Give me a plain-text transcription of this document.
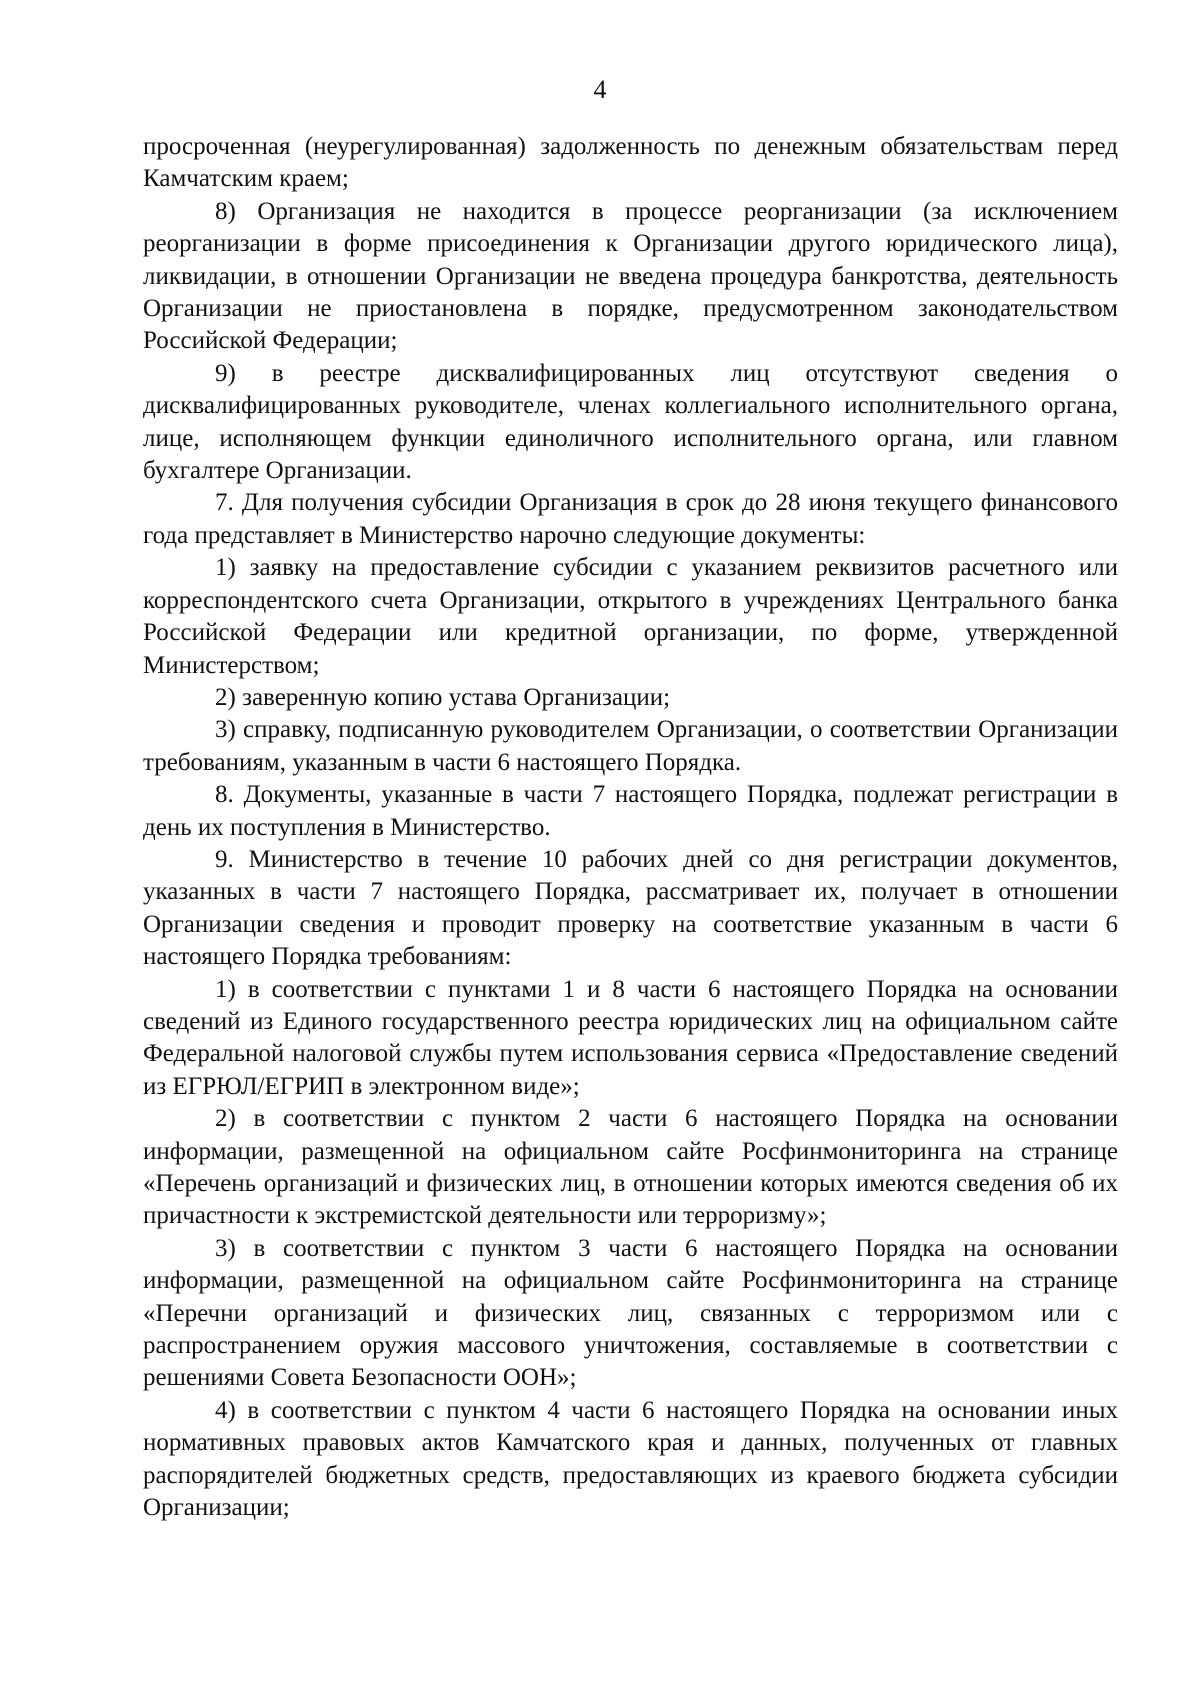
4

просроченная (неурегулированная) задолженность по денежным обязательствам перед Камчатским краем;

8) Организация не находится в процессе реорганизации (за исключением реорганизации в форме присоединения к Организации другого юридического лица), ликвидации, в отношении Организации не введена процедура банкротства, деятельность Организации не приостановлена в порядке, предусмотренном законодательством Российской Федерации;

9) в реестре дисквалифицированных лиц отсутствуют сведения о дисквалифицированных руководителе, членах коллегиального исполнительного органа, лице, исполняющем функции единоличного исполнительного органа, или главном бухгалтере Организации.

7. Для получения субсидии Организация в срок до 28 июня текущего финансового года представляет в Министерство нарочно следующие документы:

1) заявку на предоставление субсидии с указанием реквизитов расчетного или корреспондентского счета Организации, открытого в учреждениях Центрального банка Российской Федерации или кредитной организации, по форме, утвержденной Министерством;

2) заверенную копию устава Организации;

3) справку, подписанную руководителем Организации, о соответствии Организации требованиям, указанным в части 6 настоящего Порядка.

8. Документы, указанные в части 7 настоящего Порядка, подлежат регистрации в день их поступления в Министерство.

9. Министерство в течение 10 рабочих дней со дня регистрации документов, указанных в части 7 настоящего Порядка, рассматривает их, получает в отношении Организации сведения и проводит проверку на соответствие указанным в части 6 настоящего Порядка требованиям:

1) в соответствии с пунктами 1 и 8 части 6 настоящего Порядка на основании сведений из Единого государственного реестра юридических лиц на официальном сайте Федеральной налоговой службы путем использования сервиса «Предоставление сведений из ЕГРЮЛ/ЕГРИП в электронном виде»;

2) в соответствии с пунктом 2 части 6 настоящего Порядка на основании информации, размещенной на официальном сайте Росфинмониторинга на странице «Перечень организаций и физических лиц, в отношении которых имеются сведения об их причастности к экстремистской деятельности или терроризму»;

3) в соответствии с пунктом 3 части 6 настоящего Порядка на основании информации, размещенной на официальном сайте Росфинмониторинга на странице «Перечни организаций и физических лиц, связанных с терроризмом или с распространением оружия массового уничтожения, составляемые в соответствии с решениями Совета Безопасности ООН»;

4) в соответствии с пунктом 4 части 6 настоящего Порядка на основании иных нормативных правовых актов Камчатского края и данных, полученных от главных распорядителей бюджетных средств, предоставляющих из краевого бюджета субсидии Организации;
